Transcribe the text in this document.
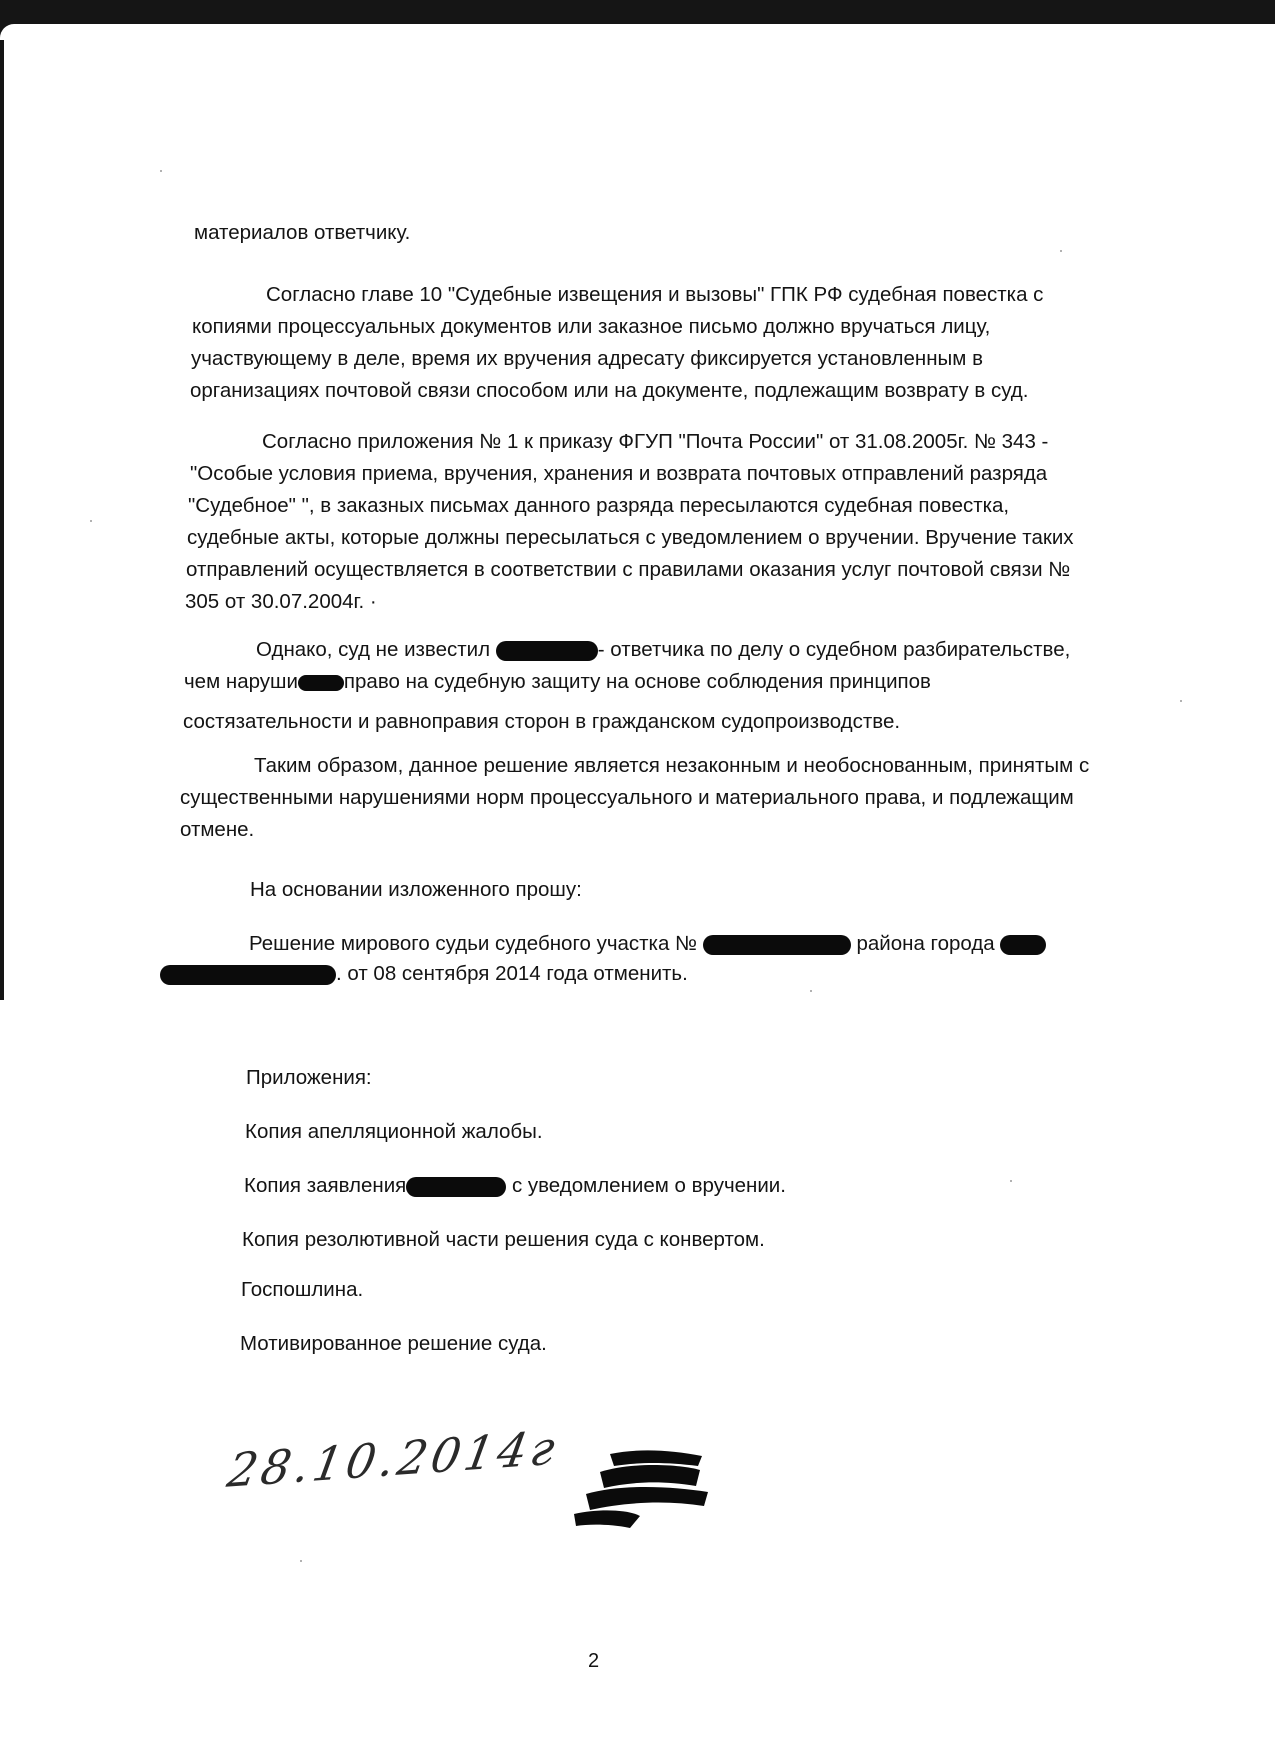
материалов ответчику.
Согласно главе 10 "Судебные извещения и вызовы" ГПК РФ судебная повестка с
копиями процессуальных документов или заказное письмо должно вручаться лицу,
участвующему в деле, время их вручения адресату фиксируется установленным в
организациях почтовой связи способом или на документе, подлежащим возврату в суд.
Согласно приложения № 1 к приказу ФГУП "Почта России" от 31.08.2005г. № 343 -
"Особые условия приема, вручения, хранения и возврата почтовых отправлений разряда
"Судебное" ", в заказных письмах данного разряда пересылаются судебная повестка,
судебные акты, которые должны пересылаться с уведомлением о вручении. Вручение таких
отправлений осуществляется в соответствии с правилами оказания услуг почтовой связи №
305 от 30.07.2004г. ·
Однако, суд не известил	- ответчика по делу о судебном разбирательстве,
чем наруши право на судебную защиту на основе соблюдения принципов
состязательности и равноправия сторон в гражданском судопроизводстве.
Таким образом, данное решение является незаконным и необоснованным, принятым с
существенными нарушениями норм процессуального и материального права, и подлежащим
отмене.
На основании изложенного прошу:
Решение мирового судьи судебного участка №	района города
. от 08 сентября 2014 года отменить.
Приложения:
Копия апелляционной жалобы.
Копия заявления	с уведомлением о вручении.
Копия резолютивной части решения суда с конвертом.
Госпошлина.
Мотивированное решение суда.
28.10.2014г
2
